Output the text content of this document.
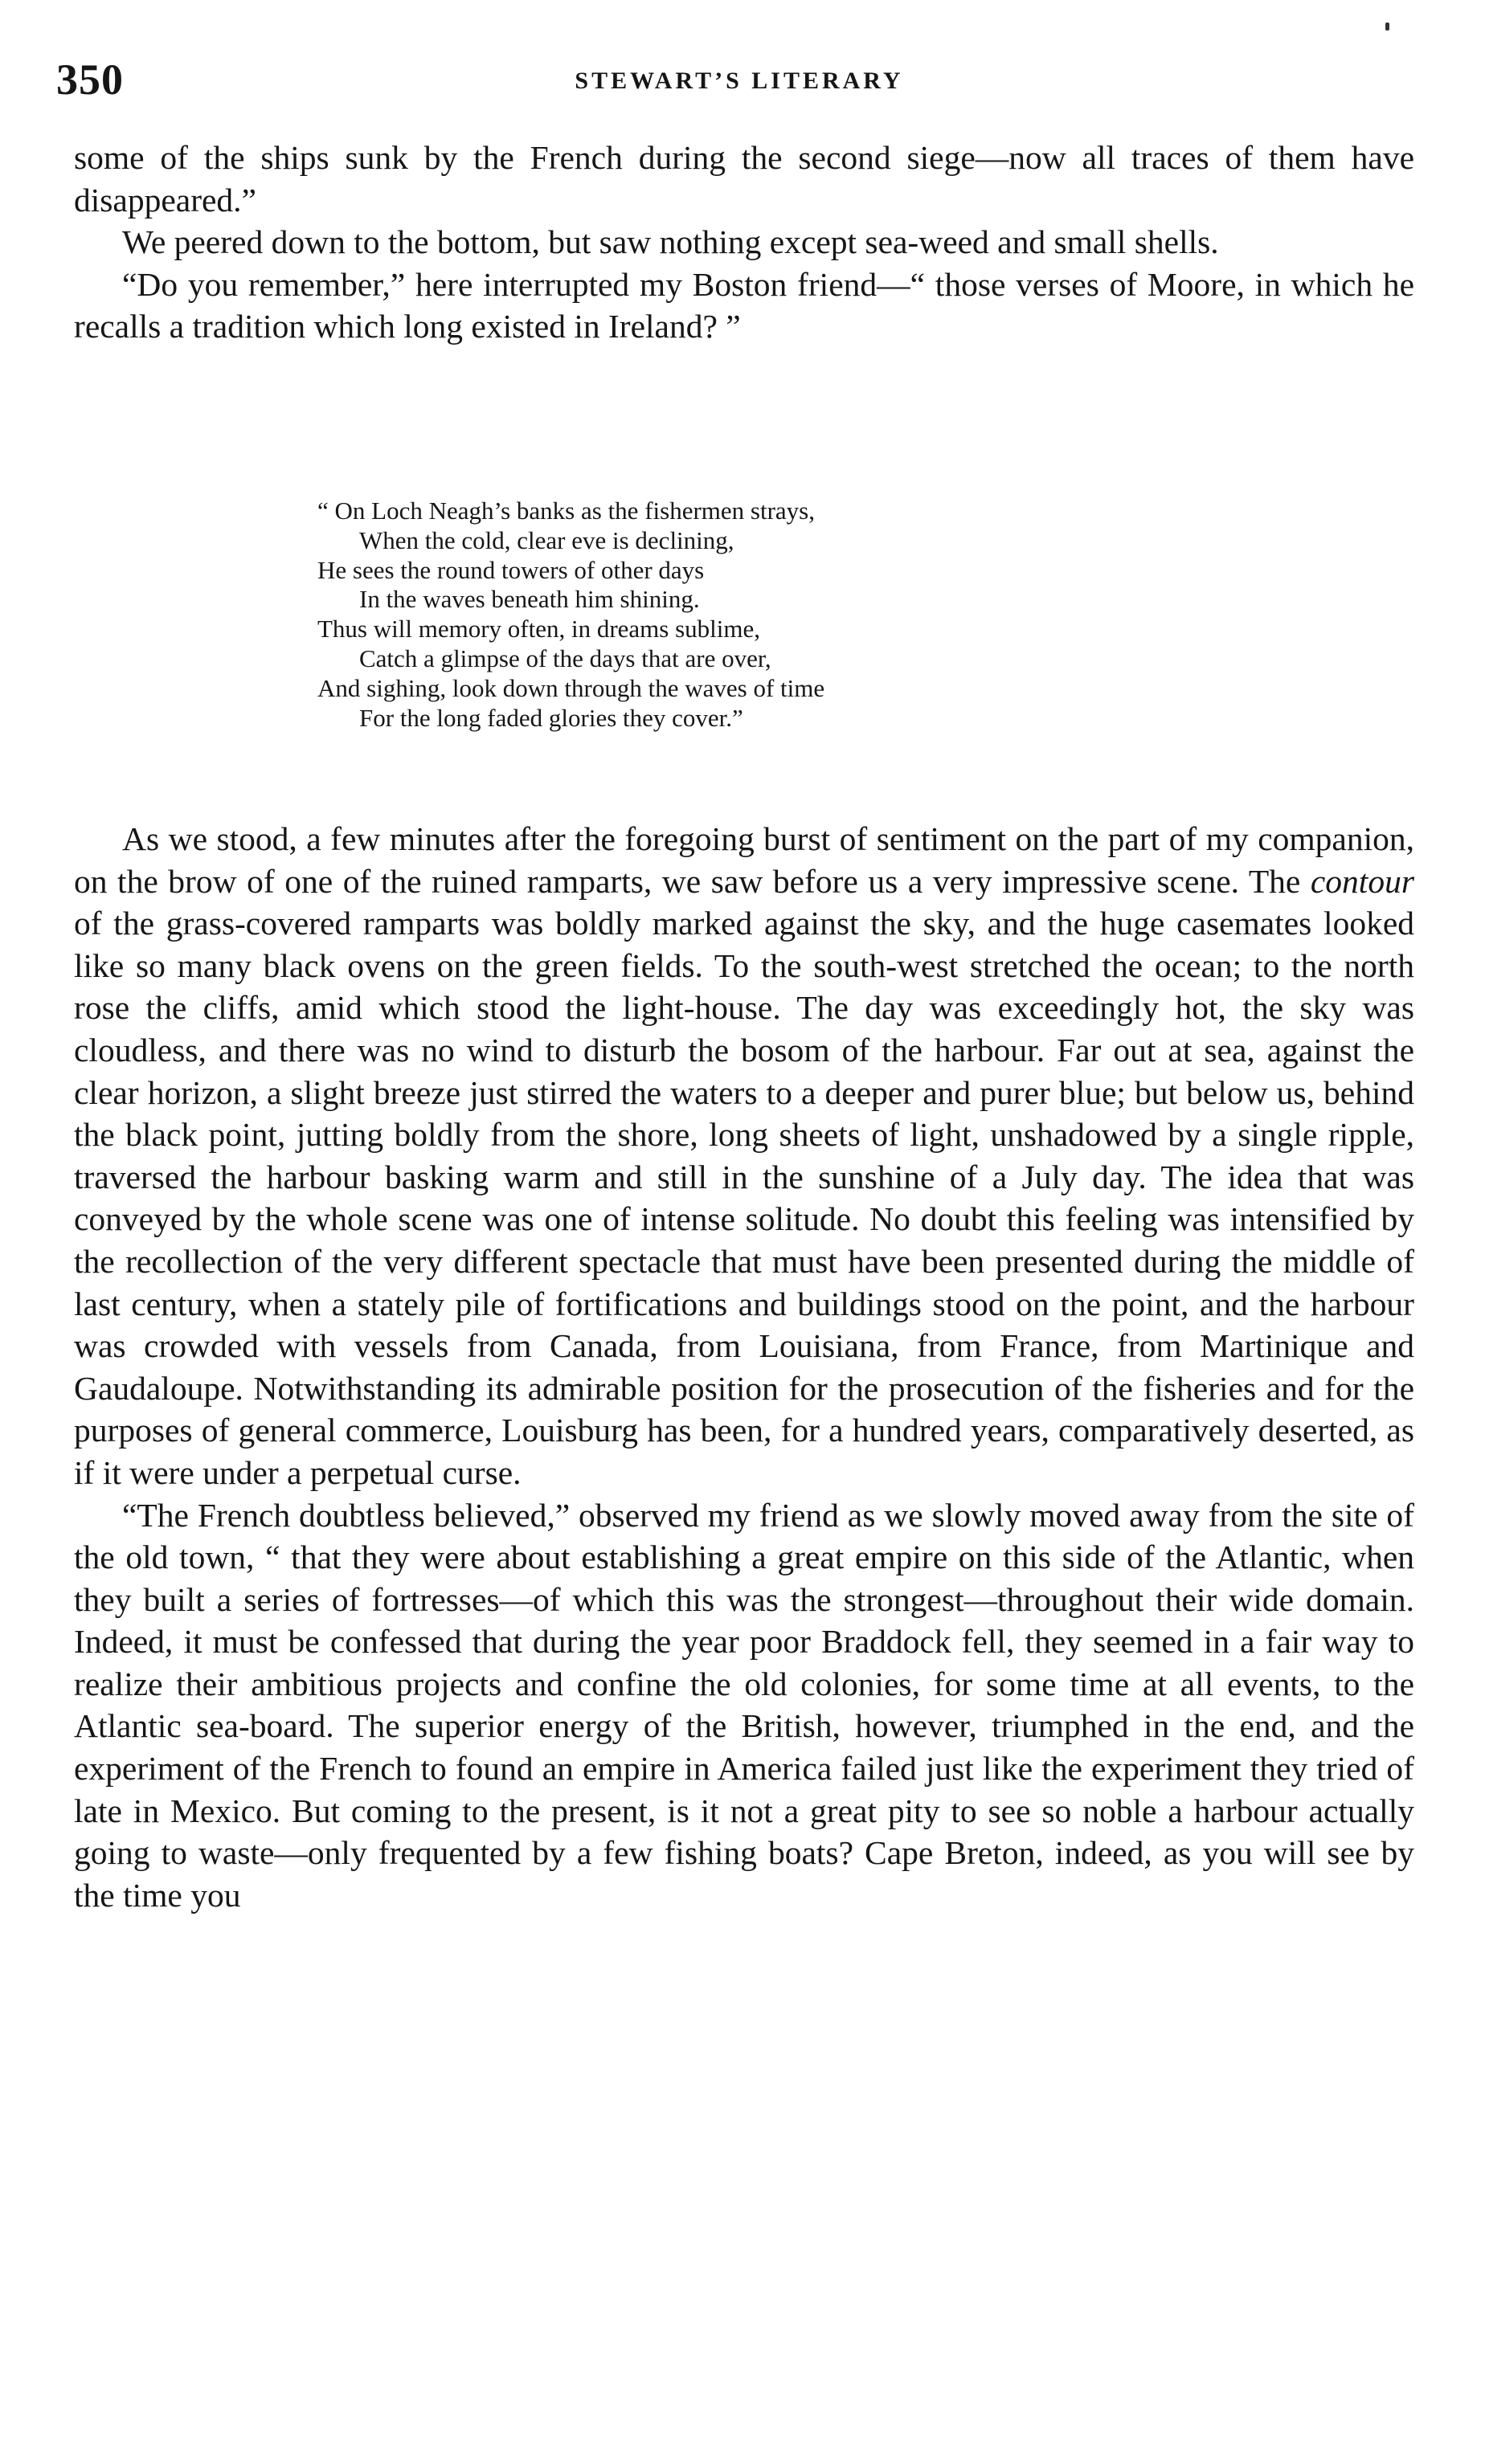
350	STEWART’S LITERARY

some of the ships sunk by the French during the second siege—now all traces of them have disappeared.”

We peered down to the bottom, but saw nothing except sea-weed and small shells.

“Do you remember,” here interrupted my Boston friend—“ those verses of Moore, in which he recalls a tradition which long existed in Ireland? ”

“ On Loch Neagh’s banks as the fishermen strays,
When the cold, clear eve is declining,
He sees the round towers of other days
In the waves beneath him shining.
Thus will memory often, in dreams sublime,
Catch a glimpse of the days that are over,
And sighing, look down through the waves of time
For the long faded glories they cover.”

As we stood, a few minutes after the foregoing burst of sentiment on the part of my companion, on the brow of one of the ruined ramparts, we saw before us a very impressive scene. The contour of the grass-covered ramparts was boldly marked against the sky, and the huge casemates looked like so many black ovens on the green fields. To the south-west stretched the ocean; to the north rose the cliffs, amid which stood the light-house. The day was exceedingly hot, the sky was cloudless, and there was no wind to disturb the bosom of the harbour. Far out at sea, against the clear horizon, a slight breeze just stirred the waters to a deeper and purer blue; but below us, behind the black point, jutting boldly from the shore, long sheets of light, unshadowed by a single ripple, traversed the harbour basking warm and still in the sunshine of a July day. The idea that was conveyed by the whole scene was one of intense solitude. No doubt this feeling was intensified by the recollection of the very different spectacle that must have been presented during the middle of last century, when a stately pile of fortifications and buildings stood on the point, and the harbour was crowded with vessels from Canada, from Louisiana, from France, from Martinique and Gaudaloupe. Notwithstanding its admirable position for the prosecution of the fisheries and for the purposes of general commerce, Louisburg has been, for a hundred years, comparatively deserted, as if it were under a perpetual curse.

“The French doubtless believed,” observed my friend as we slowly moved away from the site of the old town, “ that they were about establishing a great empire on this side of the Atlantic, when they built a series of fortresses—of which this was the strongest—throughout their wide domain. Indeed, it must be confessed that during the year poor Braddock fell, they seemed in a fair way to realize their ambitious projects and confine the old colonies, for some time at all events, to the Atlantic sea-board. The superior energy of the British, however, triumphed in the end, and the experiment of the French to found an empire in America failed just like the experiment they tried of late in Mexico. But coming to the present, is it not a great pity to see so noble a harbour actually going to waste—only frequented by a few fishing boats? Cape Breton, indeed, as you will see by the time you
